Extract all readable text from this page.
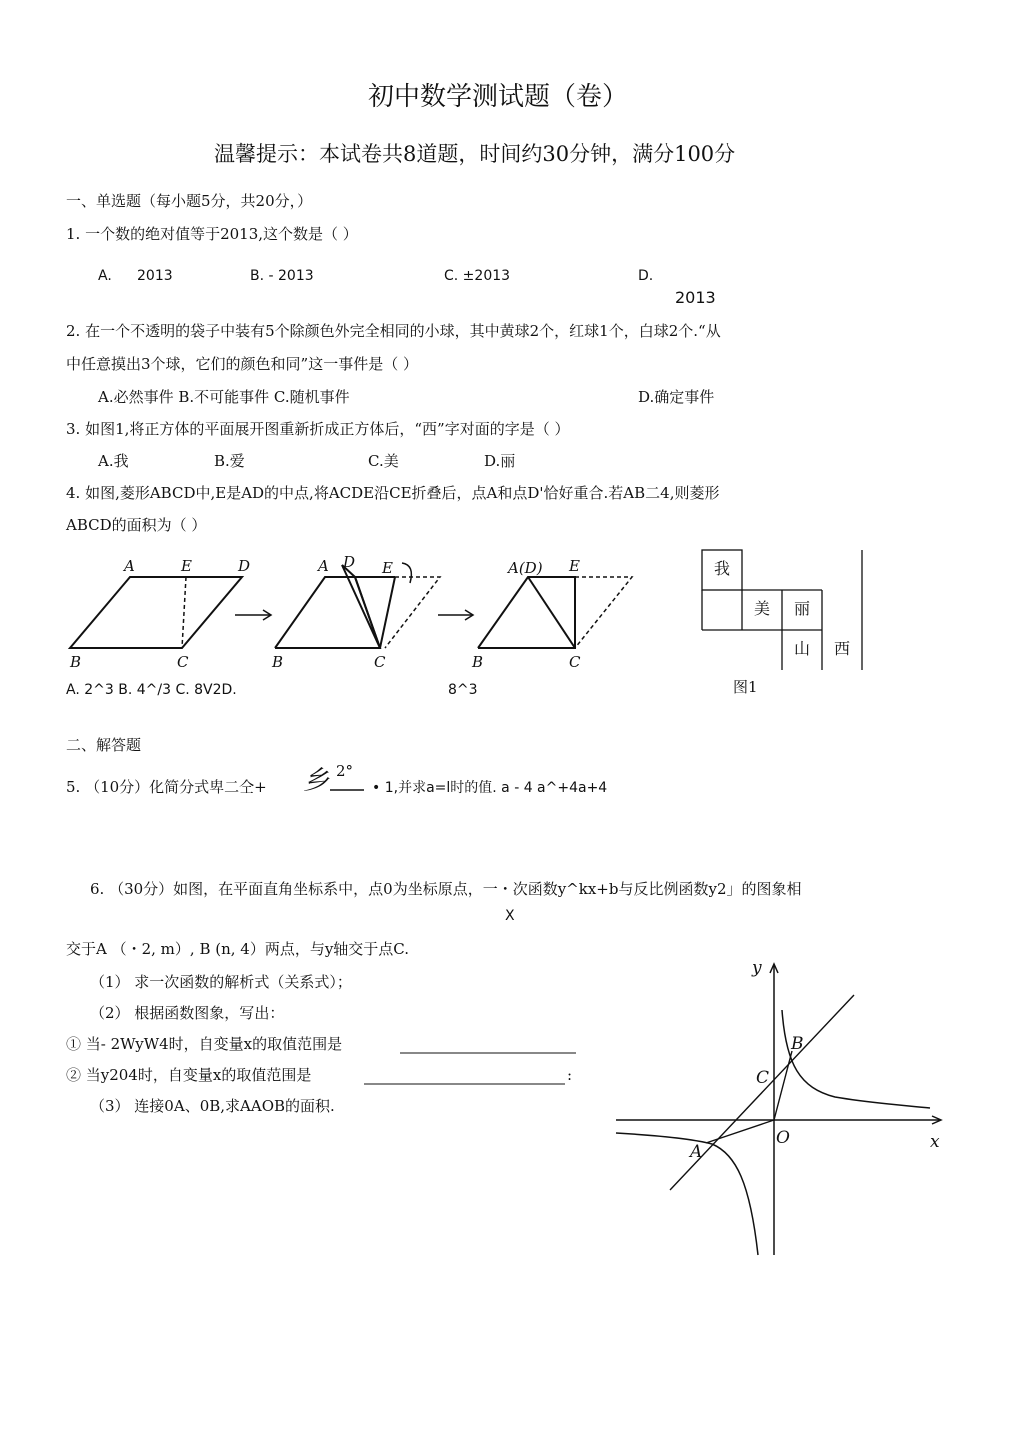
初中数学测试题（卷）
温馨提示：本试卷共8道题，时间约30分钟，满分100分
一、单选题（每小题5分，共20分，）
1. 一个数的绝对值等于2013,这个数是（ ）
A. 2013	B. - 2013	C. ±2013	D.
2013
2. 在一个不透明的袋子中装有5个除颜色外完全相同的小球，其中黄球2个，红球1个，白球2个.“从
中任意摸出3个球，它们的颜色和同”这一事件是（ ）
A.必然事件 B.不可能事件 C.随机事件	D.确定事件
3. 如图1,将正方体的平面展开图重新折成正方体后，“西”字对面的字是（ ）
A.我	B.爱	C.美	D.丽
4. 如图,菱形ABCD中,E是AD的中点,将ACDE沿CE折叠后，点A和点D'恰好重合.若AB二4,则菱形
ABCD的面积为（ ）
A	E	D
B	C
A D E
B	C
A(D) E
B	C
我
美	丽
山	西
图1
A. 2^3 B. 4^/3 C. 8V2D.	8^3
二、解答题
5. （10分）化简分式卑二仝+ 乡 2°
• 1,并求a=l时的值. a - 4 a^+4a+4
6. （30分）如图，在平面直角坐标系中，点0为坐标原点，一・次函数y^kx+b与反比例函数y2」的图象相
X
交于A （・2, m）, B (n, 4）两点，与y轴交于点C.
（1） 求一次函数的解析式（关系式）；
（2） 根据函数图象，写出：
① 当- 2WyW4时，自变量x的取值范围是
② 当y204时，自变量x的取值范围是	:
（3） 连接0A、0B,求AAOB的面积.
y
x
O
A
B
C
